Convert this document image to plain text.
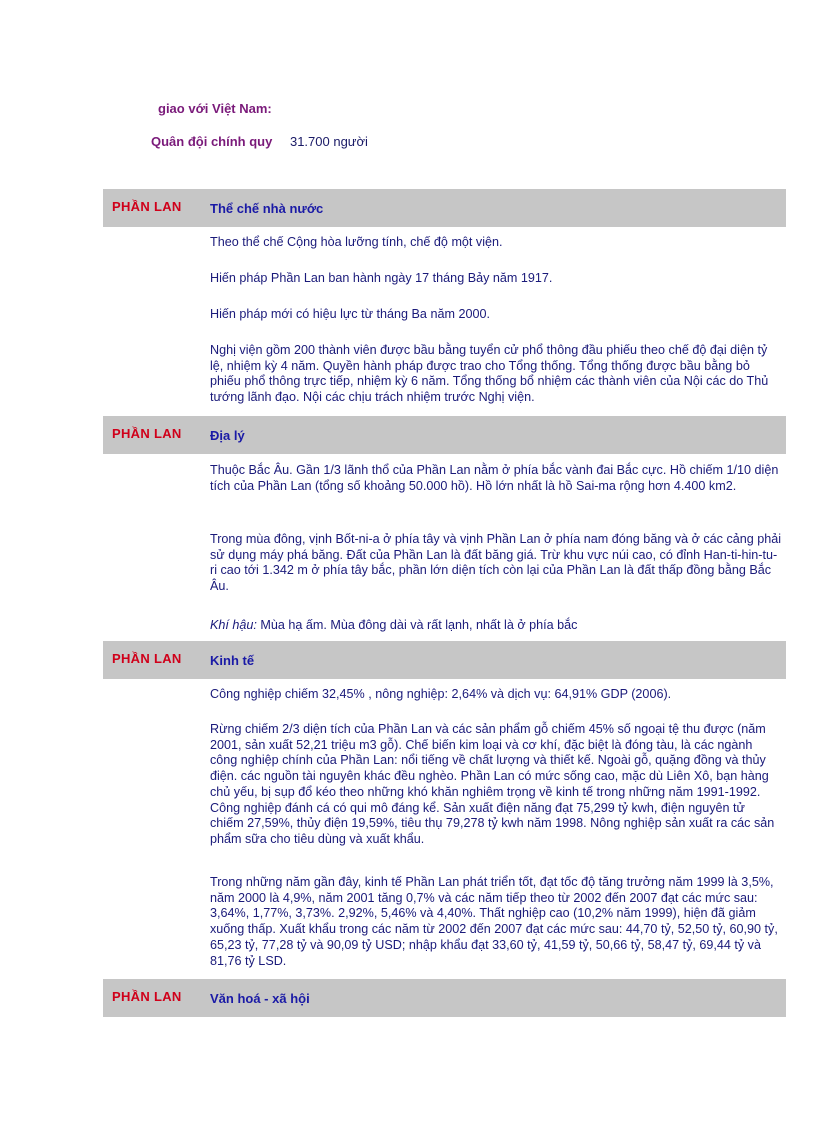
giao với Việt Nam:
Quân đội chính quy 31.700 người
PHẦN LAN Thể chế nhà nước
Theo thể chế Cộng hòa lưỡng tính, chế độ một viện.
Hiến pháp Phần Lan ban hành ngày 17 tháng Bảy năm 1917.
Hiến pháp mới có hiệu lực từ tháng Ba năm 2000.
Nghị viện gồm 200 thành viên được bầu bằng tuyển cử phổ thông đầu phiếu theo chế độ đại diện tỷ lệ, nhiệm kỳ 4 năm. Quyền hành pháp được trao cho Tổng thống. Tổng thống được bầu bằng bỏ phiếu phổ thông trực tiếp, nhiệm kỳ 6 năm. Tổng thống bổ nhiệm các thành viên của Nội các do Thủ tướng lãnh đạo. Nội các chịu trách nhiệm trước Nghị viện.
PHẦN LAN Địa lý
Thuộc Bắc Âu. Gần 1/3 lãnh thổ của Phần Lan nằm ở phía bắc vành đai Bắc cực. Hồ chiếm 1/10 diện tích của Phần Lan (tổng số khoảng 50.000 hồ). Hồ lớn nhất là hồ Sai-ma rộng hơn 4.400 km2.
Trong mùa đông, vịnh Bốt-ni-a ở phía tây và vịnh Phần Lan ở phía nam đóng băng và ở các cảng phải sử dụng máy phá băng. Đất của Phần Lan là đất băng giá. Trừ khu vực núi cao, có đỉnh Han-ti-hin-tu-ri cao tới 1.342 m ở phía tây bắc, phần lớn diện tích còn lại của Phần Lan là đất thấp đồng bằng Bắc Âu.
Khí hậu: Mùa hạ ấm. Mùa đông dài và rất lạnh, nhất là ở phía bắc
PHẦN LAN Kinh tế
Công nghiệp chiếm 32,45% , nông nghiệp: 2,64% và dịch vụ: 64,91% GDP (2006).
Rừng chiếm 2/3 diện tích của Phần Lan và các sản phẩm gỗ chiếm 45% số ngoại tệ thu được (năm 2001, sản xuất 52,21 triệu m3 gỗ). Chế biến kim loại và cơ khí, đặc biệt là đóng tàu, là các ngành công nghiệp chính của Phần Lan: nổi tiếng về chất lượng và thiết kế. Ngoài gỗ, quặng đồng và thủy điện. các nguồn tài nguyên khác đều nghèo. Phần Lan có mức sống cao, mặc dù Liên Xô, bạn hàng chủ yếu, bị sụp đổ kéo theo những khó khăn nghiêm trọng về kinh tế trong những năm 1991-1992. Công nghiệp đánh cá có qui mô đáng kể. Sản xuất điện năng đạt 75,299 tỷ kwh, điện nguyên tử chiếm 27,59%, thủy điện 19,59%, tiêu thụ 79,278 tỷ kwh năm 1998. Nông nghiệp sản xuất ra các sản phẩm sữa cho tiêu dùng và xuất khẩu.
Trong những năm gần đây, kinh tế Phần Lan phát triển tốt, đạt tốc độ tăng trưởng năm 1999 là 3,5%, năm 2000 là 4,9%, năm 2001 tăng 0,7% và các năm tiếp theo từ 2002 đến 2007 đạt các mức sau: 3,64%, 1,77%, 3,73%. 2,92%, 5,46% và 4,40%. Thất nghiệp cao (10,2% năm 1999), hiện đã giảm xuống thấp. Xuất khẩu trong các năm từ 2002 đến 2007 đạt các mức sau: 44,70 tỷ, 52,50 tỷ, 60,90 tỷ, 65,23 tỷ, 77,28 tỷ và 90,09 tỷ USD; nhập khẩu đạt 33,60 tỷ, 41,59 tỷ, 50,66 tỷ, 58,47 tỷ, 69,44 tỷ và 81,76 tỷ LSD.
PHẦN LAN Văn hoá - xã hội
